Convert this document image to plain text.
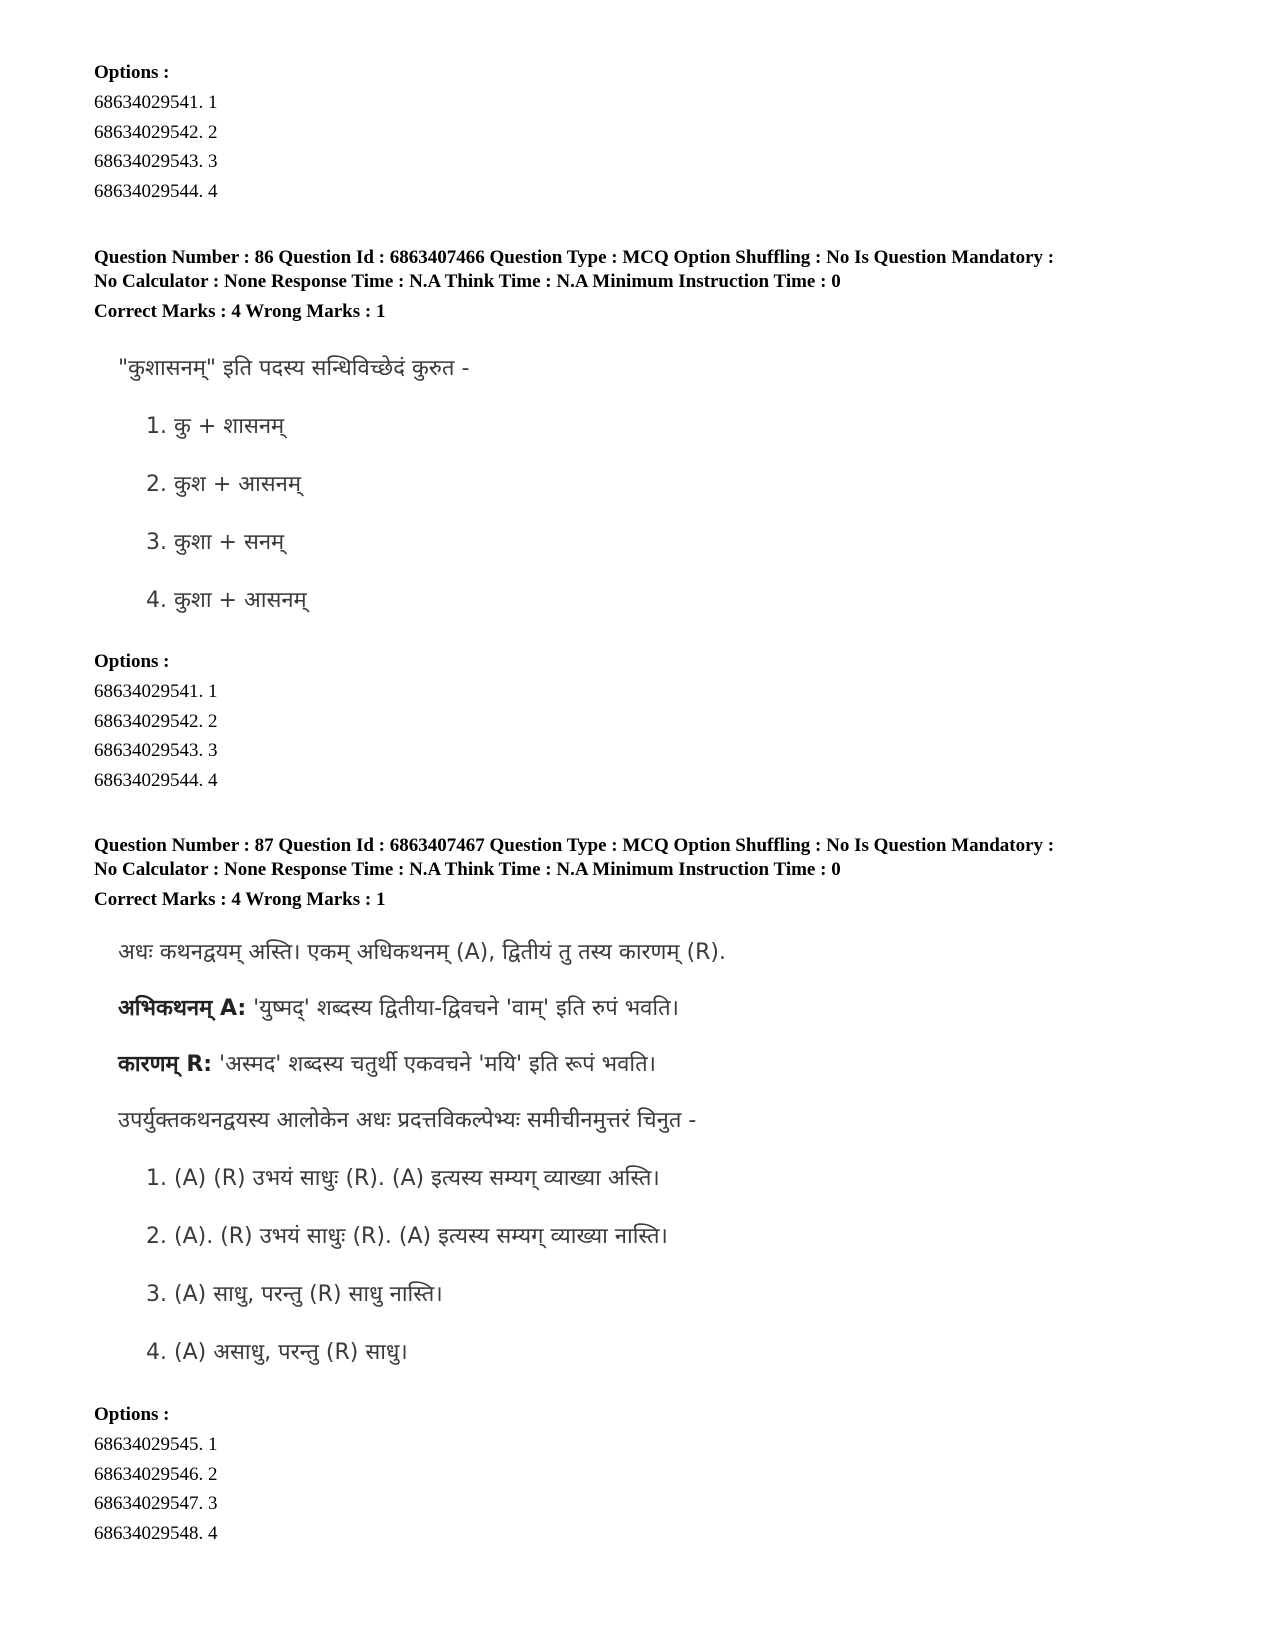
Options :

68634029541. 1

68634029542. 2

68634029543. 3

68634029544. 4

Question Number : 86 Question Id : 6863407466 Question Type : MCQ Option Shuffling : No Is Question Mandatory :

No Calculator : None Response Time : N.A Think Time : N.A Minimum Instruction Time : 0

Correct Marks : 4 Wrong Marks : 1

"कुशासनम्" इति पदस्य सन्धिविच्छेदं कुरुत -

1. कु + शासनम्

2. कुश + आसनम्

3. कुशा + सनम्

4. कुशा + आसनम्

Options :

68634029541. 1

68634029542. 2

68634029543. 3

68634029544. 4

Question Number : 87 Question Id : 6863407467 Question Type : MCQ Option Shuffling : No Is Question Mandatory :

No Calculator : None Response Time : N.A Think Time : N.A Minimum Instruction Time : 0

Correct Marks : 4 Wrong Marks : 1

अधः कथनद्वयम् अस्ति। एकम् अधिकथनम् (A), द्वितीयं तु तस्य कारणम् (R).

अभिकथनम् A: 'युष्मद्' शब्दस्य द्वितीया-द्विवचने 'वाम्' इति रुपं भवति।

कारणम् R: 'अस्मद' शब्दस्य चतुर्थी एकवचने 'मयि' इति रूपं भवति।

उपर्युक्तकथनद्वयस्य आलोकेन अधः प्रदत्तविकल्पेभ्यः समीचीनमुत्तरं चिनुत -

1. (A) (R) उभयं साधुः (R). (A) इत्यस्य सम्यग् व्याख्या अस्ति।

2. (A). (R) उभयं साधुः (R). (A) इत्यस्य सम्यग् व्याख्या नास्ति।

3. (A) साधु, परन्तु (R) साधु नास्ति।

4. (A) असाधु, परन्तु (R) साधु।

Options :

68634029545. 1

68634029546. 2

68634029547. 3

68634029548. 4
